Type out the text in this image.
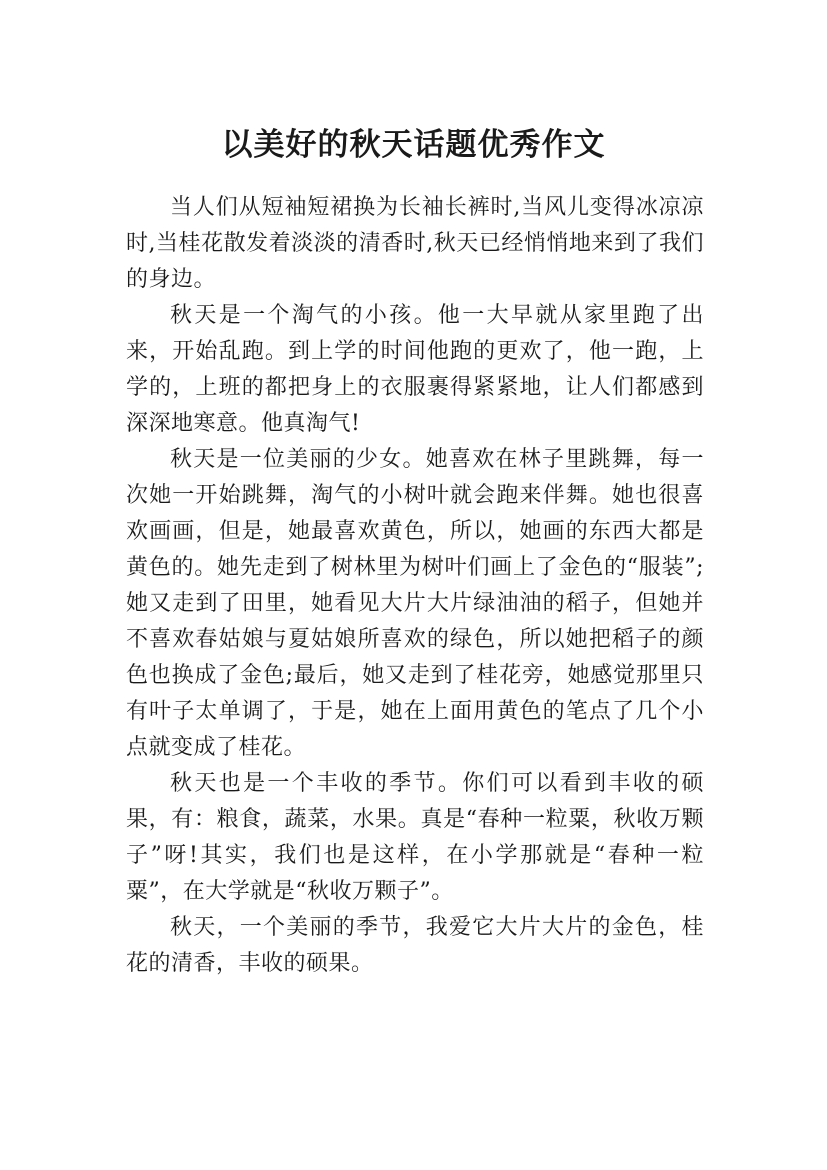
以美好的秋天话题优秀作文

当人们从短袖短裙换为长袖长裤时,当风儿变得冰凉凉时,当桂花散发着淡淡的清香时,秋天已经悄悄地来到了我们的身边。

秋天是一个淘气的小孩。他一大早就从家里跑了出来，开始乱跑。到上学的时间他跑的更欢了，他一跑，上学的，上班的都把身上的衣服裹得紧紧地，让人们都感到深深地寒意。他真淘气!

秋天是一位美丽的少女。她喜欢在林子里跳舞，每一次她一开始跳舞，淘气的小树叶就会跑来伴舞。她也很喜欢画画，但是，她最喜欢黄色，所以，她画的东西大都是黄色的。她先走到了树林里为树叶们画上了金色的“服装”;她又走到了田里，她看见大片大片绿油油的稻子，但她并不喜欢春姑娘与夏姑娘所喜欢的绿色，所以她把稻子的颜色也换成了金色;最后，她又走到了桂花旁，她感觉那里只有叶子太单调了，于是，她在上面用黄色的笔点了几个小点就变成了桂花。

秋天也是一个丰收的季节。你们可以看到丰收的硕果，有：粮食，蔬菜，水果。真是“春种一粒粟，秋收万颗子”呀!其实，我们也是这样，在小学那就是“春种一粒粟”，在大学就是“秋收万颗子”。

秋天，一个美丽的季节，我爱它大片大片的金色，桂花的清香，丰收的硕果。
